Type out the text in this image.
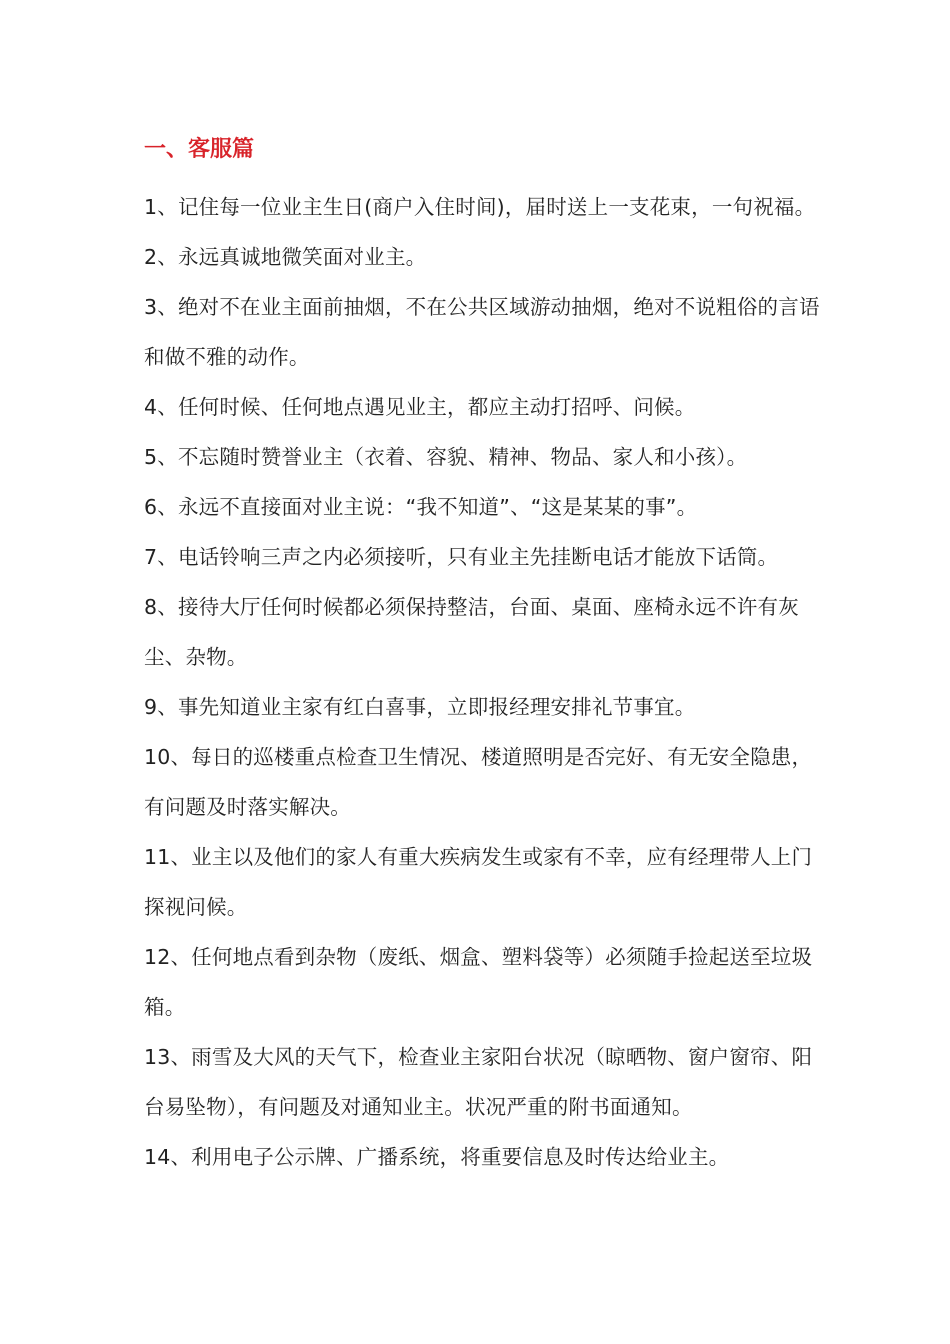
一、客服篇
1、记住每一位业主生日(商户入住时间)，届时送上一支花束，一句祝福。
2、永远真诚地微笑面对业主。
3、绝对不在业主面前抽烟，不在公共区域游动抽烟，绝对不说粗俗的言语和做不雅的动作。
4、任何时候、任何地点遇见业主，都应主动打招呼、问候。
5、不忘随时赞誉业主（衣着、容貌、精神、物品、家人和小孩）。
6、永远不直接面对业主说：“我不知道”、“这是某某的事”。
7、电话铃响三声之内必须接听，只有业主先挂断电话才能放下话筒。
8、接待大厅任何时候都必须保持整洁，台面、桌面、座椅永远不许有灰尘、杂物。
9、事先知道业主家有红白喜事，立即报经理安排礼节事宜。
10、每日的巡楼重点检查卫生情况、楼道照明是否完好、有无安全隐患，有问题及时落实解决。
11、业主以及他们的家人有重大疾病发生或家有不幸，应有经理带人上门探视问候。
12、任何地点看到杂物（废纸、烟盒、塑料袋等）必须随手捡起送至垃圾箱。
13、雨雪及大风的天气下，检查业主家阳台状况（晾晒物、窗户窗帘、阳台易坠物），有问题及对通知业主。状况严重的附书面通知。
14、利用电子公示牌、广播系统，将重要信息及时传达给业主。
